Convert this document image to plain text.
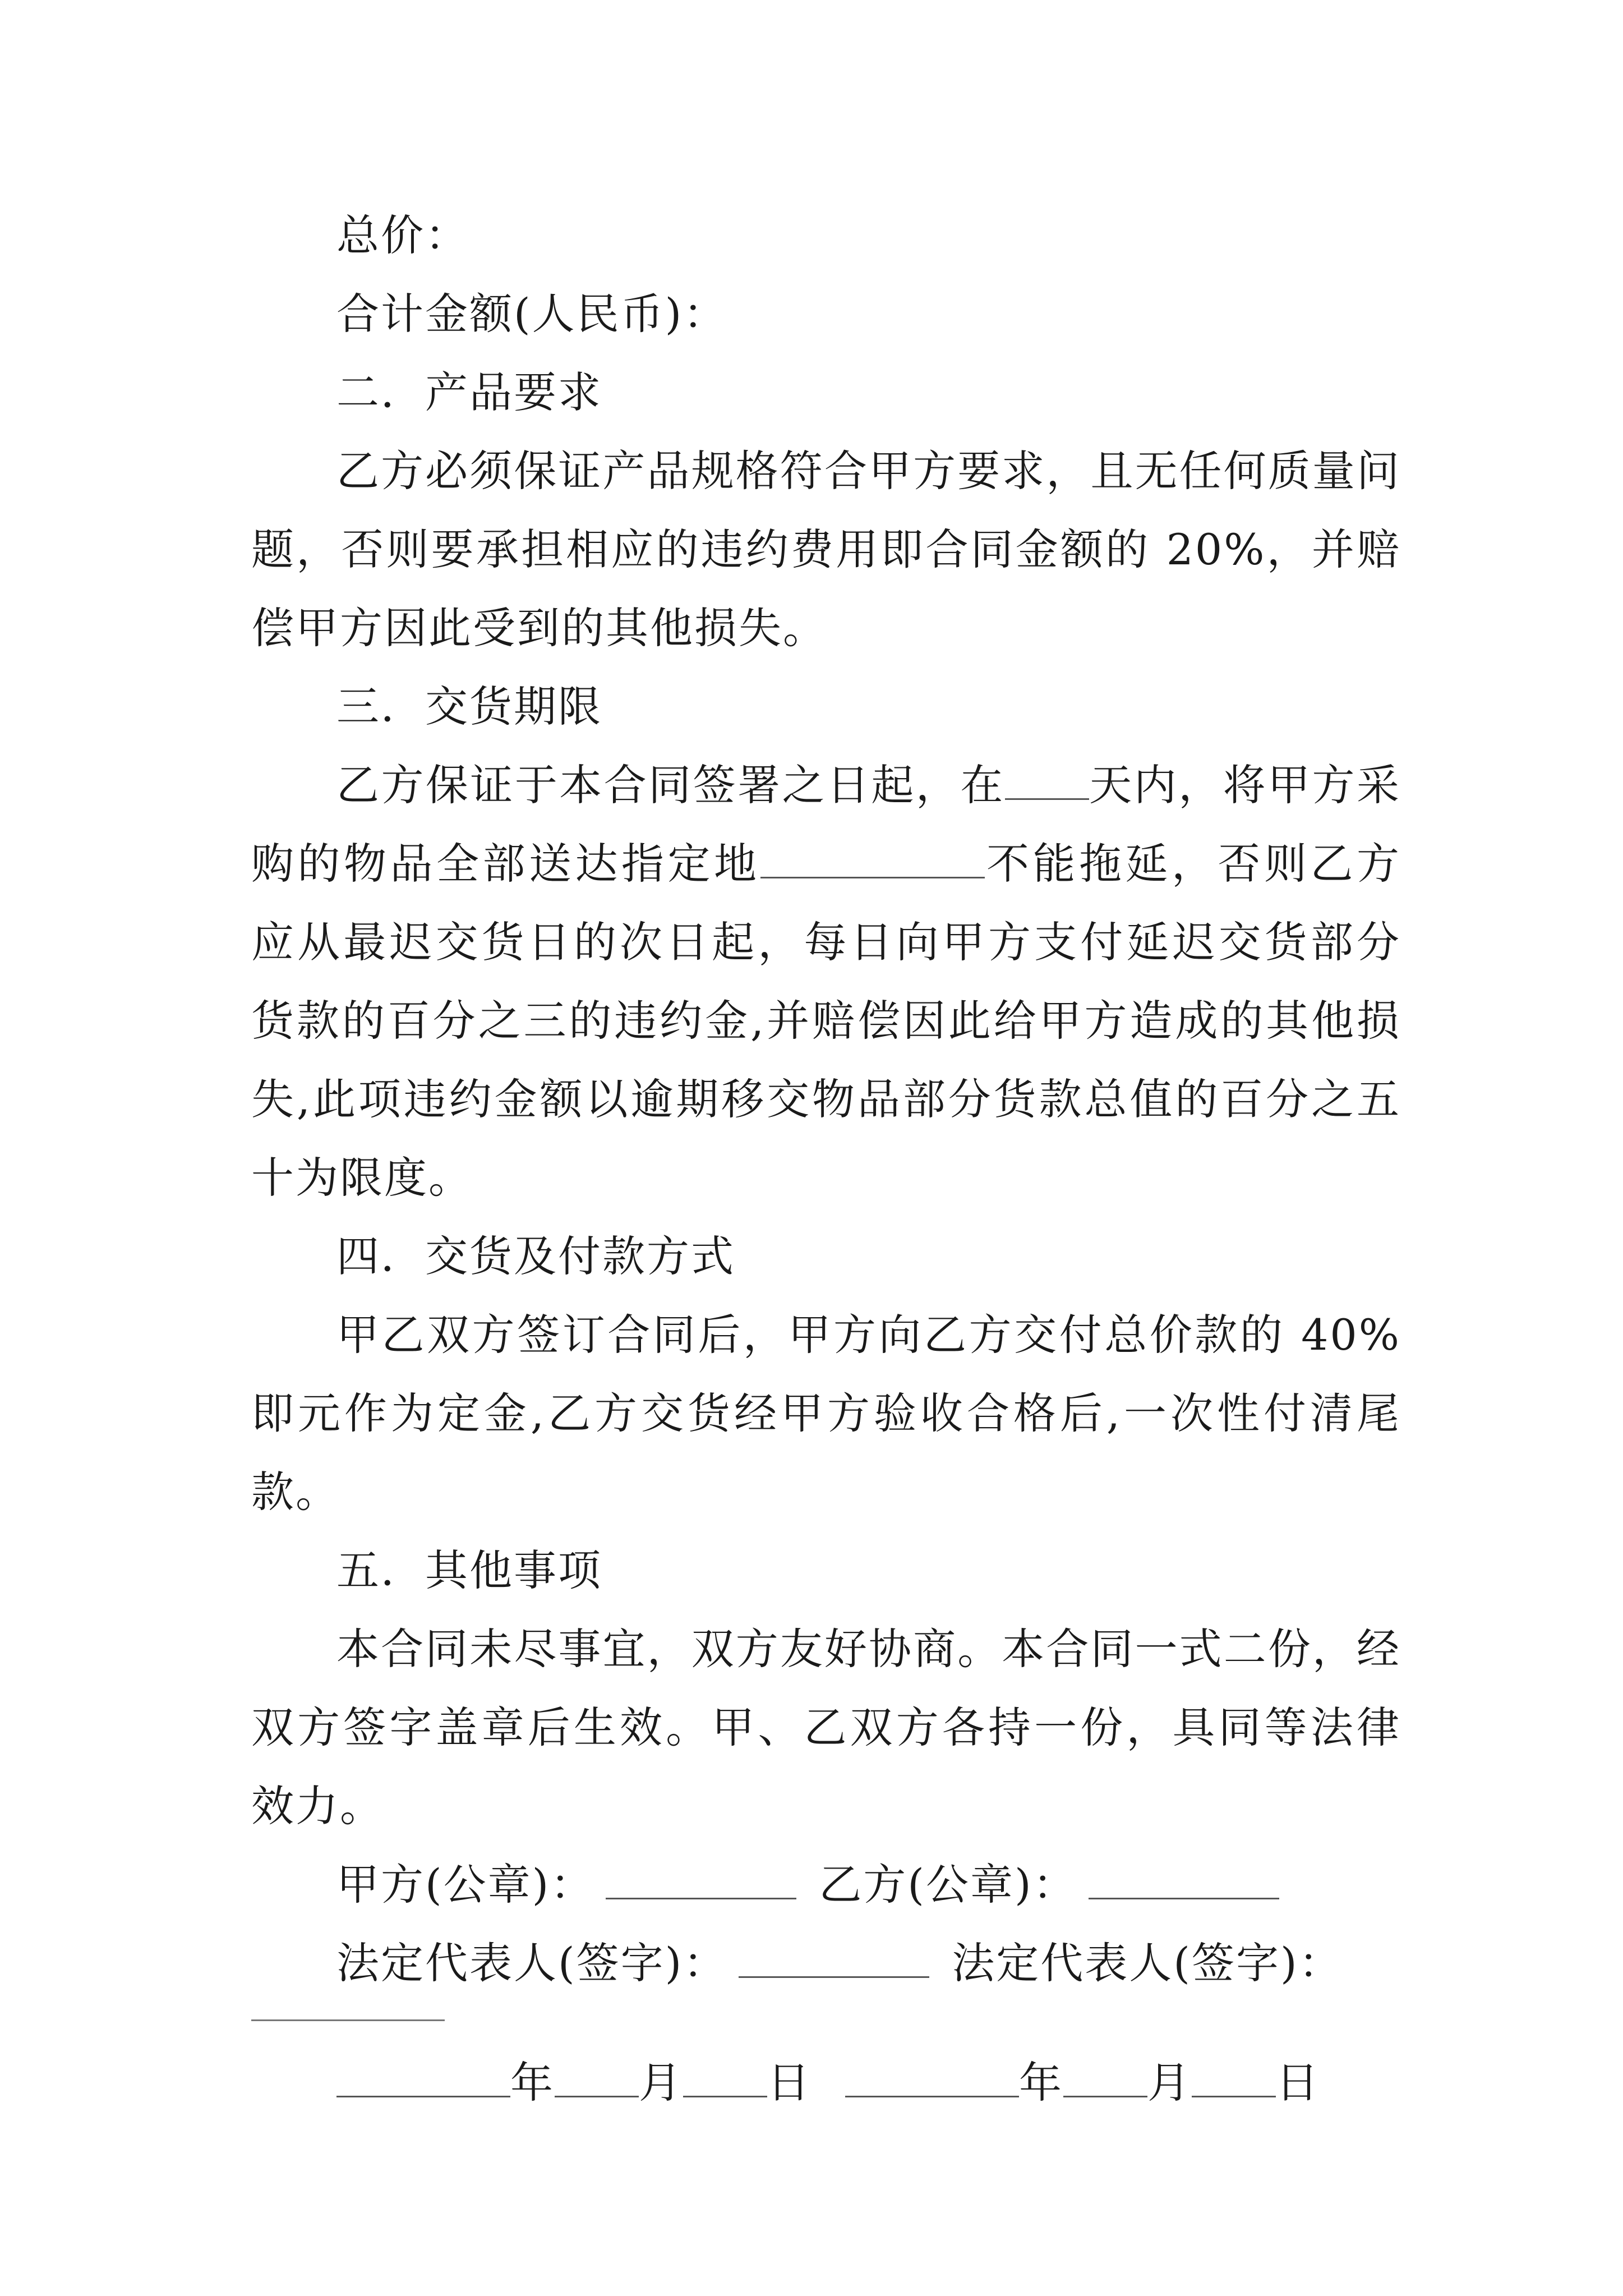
总价：

合计金额(人民币)：

二．产品要求

乙方必须保证产品规格符合甲方要求，且无任何质量问题，否则要承担相应的违约费用即合同金额的 20%，并赔偿甲方因此受到的其他损失。

三．交货期限

乙方保证于本合同签署之日起，在 天内，将甲方采购的物品全部送达指定地	不能拖延，否则乙方应从最迟交货日的次日起，每日向甲方支付延迟交货部分货款的百分之三的违约金,并赔偿因此给甲方造成的其他损失,此项违约金额以逾期移交物品部分货款总值的百分之五十为限度。

四．交货及付款方式

甲乙双方签订合同后，甲方向乙方交付总价款的 40%即元作为定金,乙方交货经甲方验收合格后,一次性付清尾款。

五．其他事项

本合同未尽事宜，双方友好协商。本合同一式二份，经双方签字盖章后生效。甲、乙双方各持一份，具同等法律效力。

甲方(公章)：	乙方(公章)：

法定代表人(签字)：	法定代表人(签字)：

年 月 日	年 月 日
